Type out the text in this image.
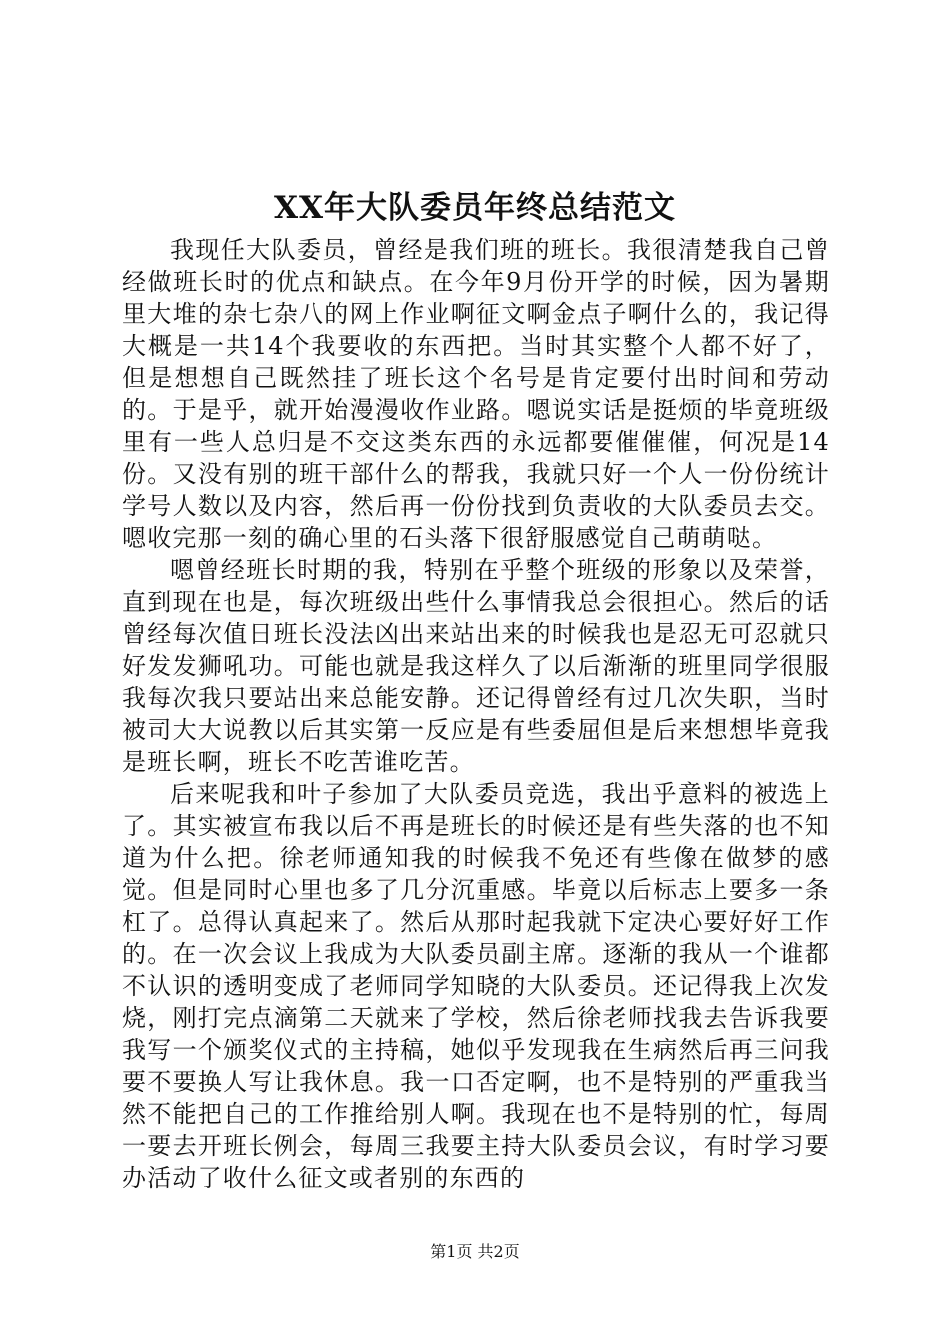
XX年大队委员年终总结范文

我现任大队委员，曾经是我们班的班长。我很清楚我自己曾经做班长时的优点和缺点。在今年9月份开学的时候，因为暑期里大堆的杂七杂八的网上作业啊征文啊金点子啊什么的，我记得大概是一共14个我要收的东西把。当时其实整个人都不好了，但是想想自己既然挂了班长这个名号是肯定要付出时间和劳动的。于是乎，就开始漫漫收作业路。嗯说实话是挺烦的毕竟班级里有一些人总归是不交这类东西的永远都要催催催，何况是14份。又没有别的班干部什么的帮我，我就只好一个人一份份统计学号人数以及内容，然后再一份份找到负责收的大队委员去交。嗯收完那一刻的确心里的石头落下很舒服感觉自己萌萌哒。

嗯曾经班长时期的我，特别在乎整个班级的形象以及荣誉，直到现在也是，每次班级出些什么事情我总会很担心。然后的话曾经每次值日班长没法凶出来站出来的时候我也是忍无可忍就只好发发狮吼功。可能也就是我这样久了以后渐渐的班里同学很服我每次我只要站出来总能安静。还记得曾经有过几次失职，当时被司大大说教以后其实第一反应是有些委屈但是后来想想毕竟我是班长啊，班长不吃苦谁吃苦。

后来呢我和叶子参加了大队委员竞选，我出乎意料的被选上了。其实被宣布我以后不再是班长的时候还是有些失落的也不知道为什么把。徐老师通知我的时候我不免还有些像在做梦的感觉。但是同时心里也多了几分沉重感。毕竟以后标志上要多一条杠了。总得认真起来了。然后从那时起我就下定决心要好好工作的。在一次会议上我成为大队委员副主席。逐渐的我从一个谁都不认识的透明变成了老师同学知晓的大队委员。还记得我上次发烧，刚打完点滴第二天就来了学校，然后徐老师找我去告诉我要我写一个颁奖仪式的主持稿，她似乎发现我在生病然后再三问我要不要换人写让我休息。我一口否定啊，也不是特别的严重我当然不能把自己的工作推给别人啊。我现在也不是特别的忙，每周一要去开班长例会，每周三我要主持大队委员会议，有时学习要办活动了收什么征文或者别的东西的

第1页 共2页
